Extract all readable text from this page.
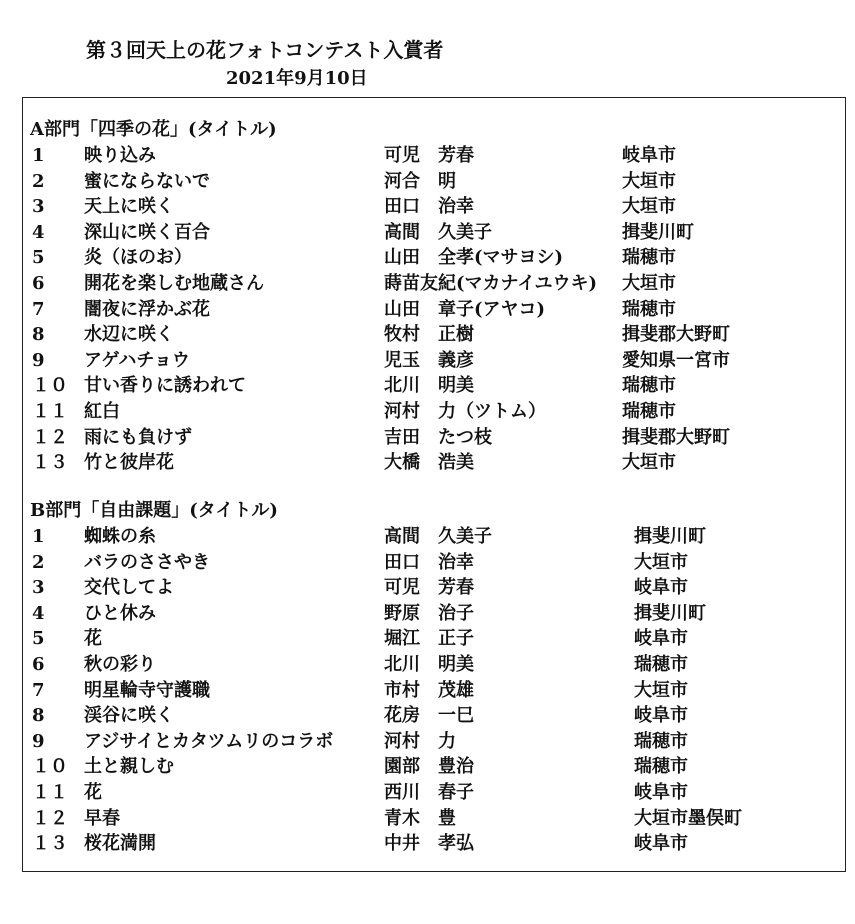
第３回天上の花フォトコンテスト入賞者
2021年9月10日
A部門「四季の花」(タイトル)
1 映り込み	可児　芳春	岐阜市
2 蜜にならないで	河合　明	大垣市
3 天上に咲く	田口　治幸	大垣市
4 深山に咲く百合	高間　久美子	揖斐川町
5 炎（ほのお）	山田　全孝(マサヨシ)	瑞穂市
6 開花を楽しむ地蔵さん	蒔苗友紀(マカナイユウキ) 大垣市
7 闇夜に浮かぶ花	山田　章子(アヤコ)	瑞穂市
8 水辺に咲く	牧村　正樹	揖斐郡大野町
9 アゲハチョウ	児玉　義彦	愛知県一宮市
１０ 甘い香りに誘われて	北川　明美	瑞穂市
１１ 紅白	河村　力（ツトム）	瑞穂市
１２ 雨にも負けず	吉田　たつ枝	揖斐郡大野町
１３ 竹と彼岸花	大橋　浩美	大垣市
B部門「自由課題」(タイトル)
1 蜘蛛の糸	高間　久美子	揖斐川町
2 バラのささやき	田口　治幸	大垣市
3 交代してよ	可児　芳春	岐阜市
4 ひと休み	野原　治子	揖斐川町
5 花	堀江　正子	岐阜市
6 秋の彩り	北川　明美	瑞穂市
7 明星輪寺守護職	市村　茂雄	大垣市
8 渓谷に咲く	花房　一巳	岐阜市
9 アジサイとカタツムリのコラボ	河村　力	瑞穂市
１０ 土と親しむ	園部　豊治	瑞穂市
１１ 花	西川　春子	岐阜市
１２ 早春	青木　豊	大垣市墨俣町
１３ 桜花満開	中井　孝弘	岐阜市
